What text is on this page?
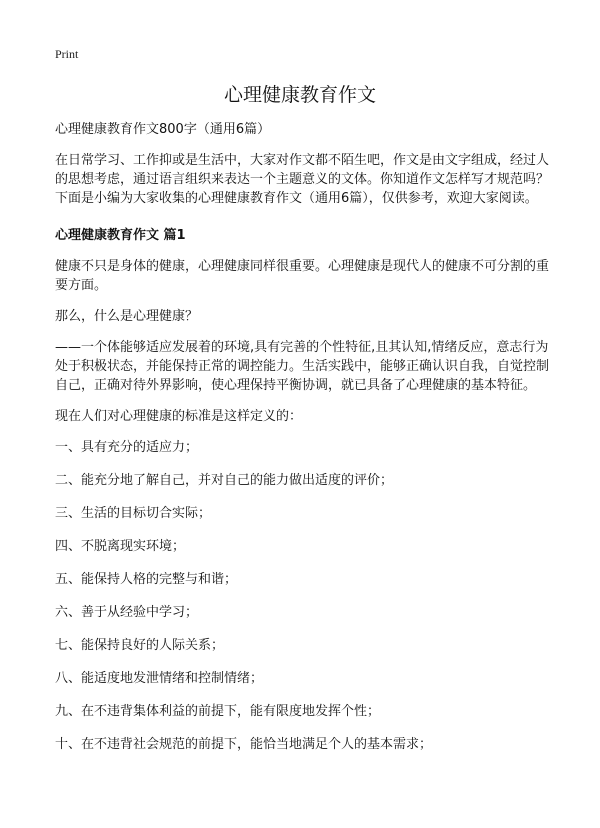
Print
心理健康教育作文

心理健康教育作文800字（通用6篇）

在日常学习、工作抑或是生活中，大家对作文都不陌生吧，作文是由文字组成，经过人的思想考虑，通过语言组织来表达一个主题意义的文体。你知道作文怎样写才规范吗？下面是小编为大家收集的心理健康教育作文（通用6篇），仅供参考，欢迎大家阅读。

心理健康教育作文 篇1

健康不只是身体的健康，心理健康同样很重要。心理健康是现代人的健康不可分割的重要方面。

那么，什么是心理健康？

——一个体能够适应发展着的环境,具有完善的个性特征,且其认知,情绪反应，意志行为处于积极状态，并能保持正常的调控能力。生活实践中，能够正确认识自我，自觉控制自己，正确对待外界影响，使心理保持平衡协调，就已具备了心理健康的基本特征。

现在人们对心理健康的标准是这样定义的：

一、具有充分的适应力；

二、能充分地了解自己，并对自己的能力做出适度的评价；

三、生活的目标切合实际；

四、不脱离现实环境；

五、能保持人格的完整与和谐；

六、善于从经验中学习；

七、能保持良好的人际关系；

八、能适度地发泄情绪和控制情绪；

九、在不违背集体利益的前提下，能有限度地发挥个性；

十、在不违背社会规范的前提下，能恰当地满足个人的基本需求；
